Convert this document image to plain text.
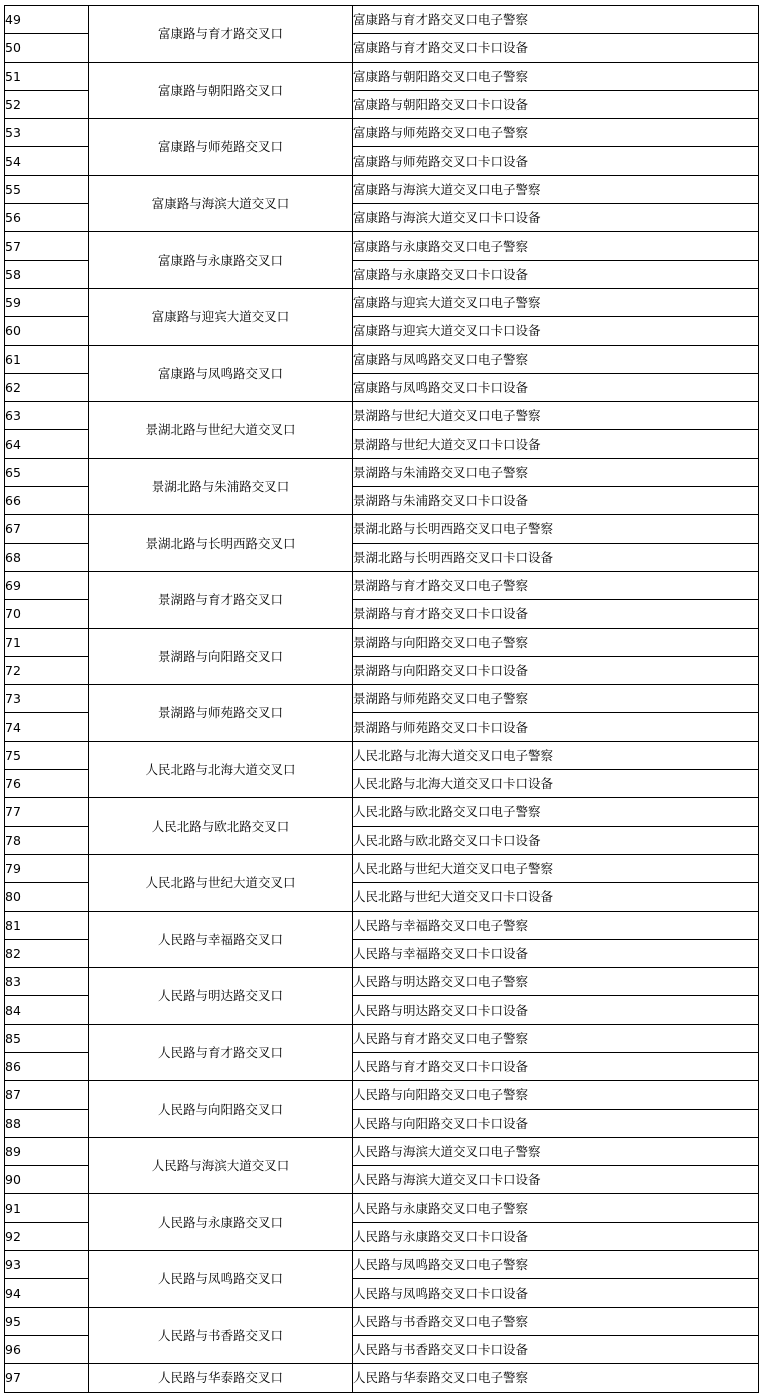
49	富康路与育才路交叉口	富康路与育才路交叉口电子警察
50		富康路与育才路交叉口卡口设备
51	富康路与朝阳路交叉口	富康路与朝阳路交叉口电子警察
52		富康路与朝阳路交叉口卡口设备
53	富康路与师苑路交叉口	富康路与师苑路交叉口电子警察
54		富康路与师苑路交叉口卡口设备
55	富康路与海滨大道交叉口	富康路与海滨大道交叉口电子警察
56		富康路与海滨大道交叉口卡口设备
57	富康路与永康路交叉口	富康路与永康路交叉口电子警察
58		富康路与永康路交叉口卡口设备
59	富康路与迎宾大道交叉口	富康路与迎宾大道交叉口电子警察
60		富康路与迎宾大道交叉口卡口设备
61	富康路与凤鸣路交叉口	富康路与凤鸣路交叉口电子警察
62		富康路与凤鸣路交叉口卡口设备
63	景湖北路与世纪大道交叉口	景湖路与世纪大道交叉口电子警察
64		景湖路与世纪大道交叉口卡口设备
65	景湖北路与朱浦路交叉口	景湖路与朱浦路交叉口电子警察
66		景湖路与朱浦路交叉口卡口设备
67	景湖北路与长明西路交叉口	景湖北路与长明西路交叉口电子警察
68		景湖北路与长明西路交叉口卡口设备
69	景湖路与育才路交叉口	景湖路与育才路交叉口电子警察
70		景湖路与育才路交叉口卡口设备
71	景湖路与向阳路交叉口	景湖路与向阳路交叉口电子警察
72		景湖路与向阳路交叉口卡口设备
73	景湖路与师苑路交叉口	景湖路与师苑路交叉口电子警察
74		景湖路与师苑路交叉口卡口设备
75	人民北路与北海大道交叉口	人民北路与北海大道交叉口电子警察
76		人民北路与北海大道交叉口卡口设备
77	人民北路与欧北路交叉口	人民北路与欧北路交叉口电子警察
78		人民北路与欧北路交叉口卡口设备
79	人民北路与世纪大道交叉口	人民北路与世纪大道交叉口电子警察
80		人民北路与世纪大道交叉口卡口设备
81	人民路与幸福路交叉口	人民路与幸福路交叉口电子警察
82		人民路与幸福路交叉口卡口设备
83	人民路与明达路交叉口	人民路与明达路交叉口电子警察
84		人民路与明达路交叉口卡口设备
85	人民路与育才路交叉口	人民路与育才路交叉口电子警察
86		人民路与育才路交叉口卡口设备
87	人民路与向阳路交叉口	人民路与向阳路交叉口电子警察
88		人民路与向阳路交叉口卡口设备
89	人民路与海滨大道交叉口	人民路与海滨大道交叉口电子警察
90		人民路与海滨大道交叉口卡口设备
91	人民路与永康路交叉口	人民路与永康路交叉口电子警察
92		人民路与永康路交叉口卡口设备
93	人民路与凤鸣路交叉口	人民路与凤鸣路交叉口电子警察
94		人民路与凤鸣路交叉口卡口设备
95	人民路与书香路交叉口	人民路与书香路交叉口电子警察
96		人民路与书香路交叉口卡口设备
97	人民路与华泰路交叉口	人民路与华泰路交叉口电子警察
